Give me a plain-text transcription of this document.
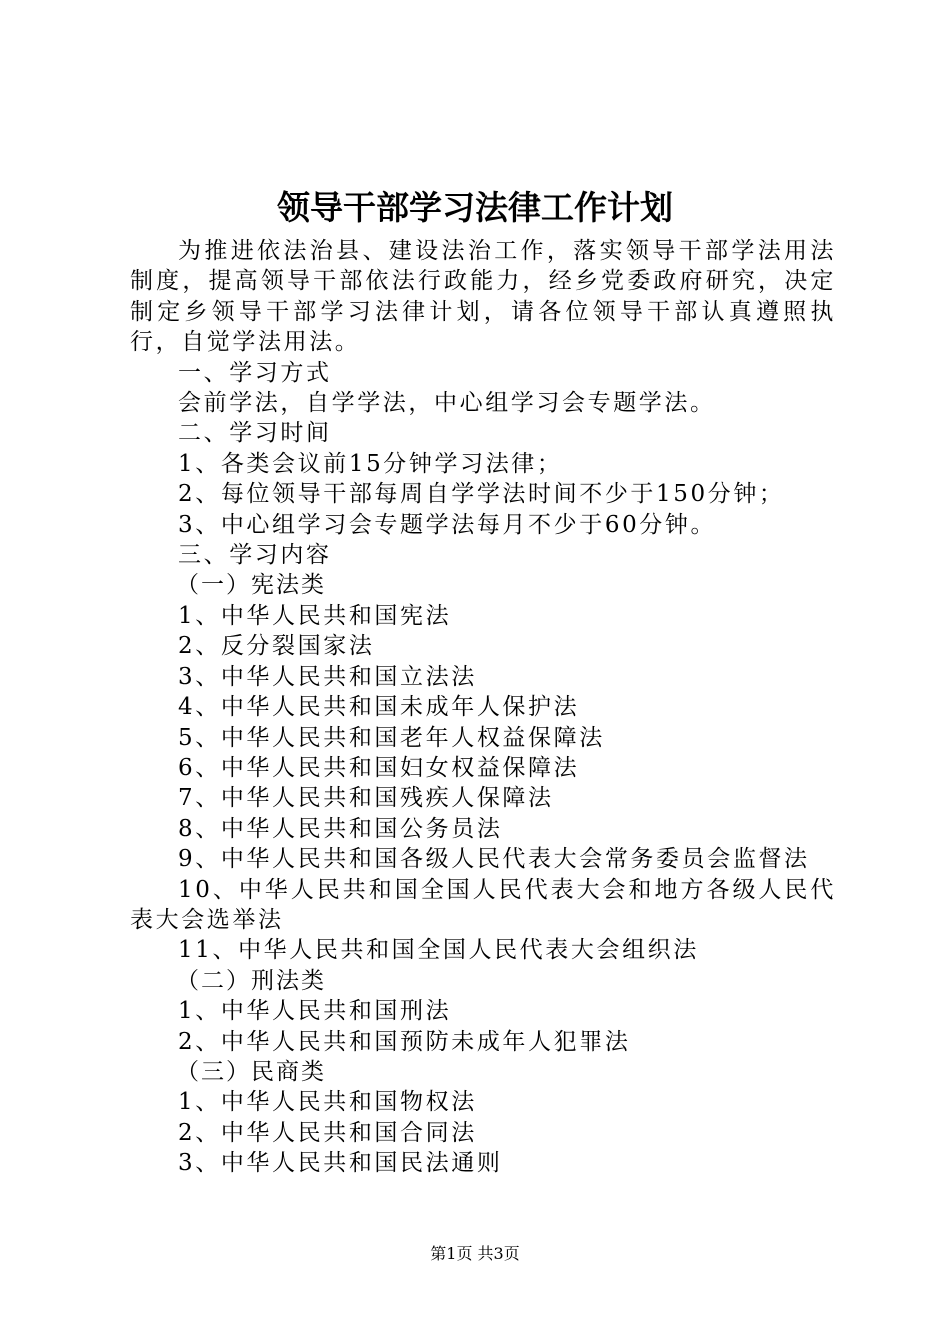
领导干部学习法律工作计划

为推进依法治县、建设法治工作，落实领导干部学法用法制度，提高领导干部依法行政能力，经乡党委政府研究，决定制定乡领导干部学习法律计划，请各位领导干部认真遵照执行，自觉学法用法。

一、学习方式

会前学法，自学学法，中心组学习会专题学法。

二、学习时间

1、各类会议前15分钟学习法律；

2、每位领导干部每周自学学法时间不少于150分钟；

3、中心组学习会专题学法每月不少于60分钟。

三、学习内容

（一）宪法类

1、中华人民共和国宪法

2、反分裂国家法

3、中华人民共和国立法法

4、中华人民共和国未成年人保护法

5、中华人民共和国老年人权益保障法

6、中华人民共和国妇女权益保障法

7、中华人民共和国残疾人保障法

8、中华人民共和国公务员法

9、中华人民共和国各级人民代表大会常务委员会监督法

10、中华人民共和国全国人民代表大会和地方各级人民代表大会选举法

11、中华人民共和国全国人民代表大会组织法

（二）刑法类

1、中华人民共和国刑法

2、中华人民共和国预防未成年人犯罪法

（三）民商类

1、中华人民共和国物权法

2、中华人民共和国合同法

3、中华人民共和国民法通则

第1页 共3页
